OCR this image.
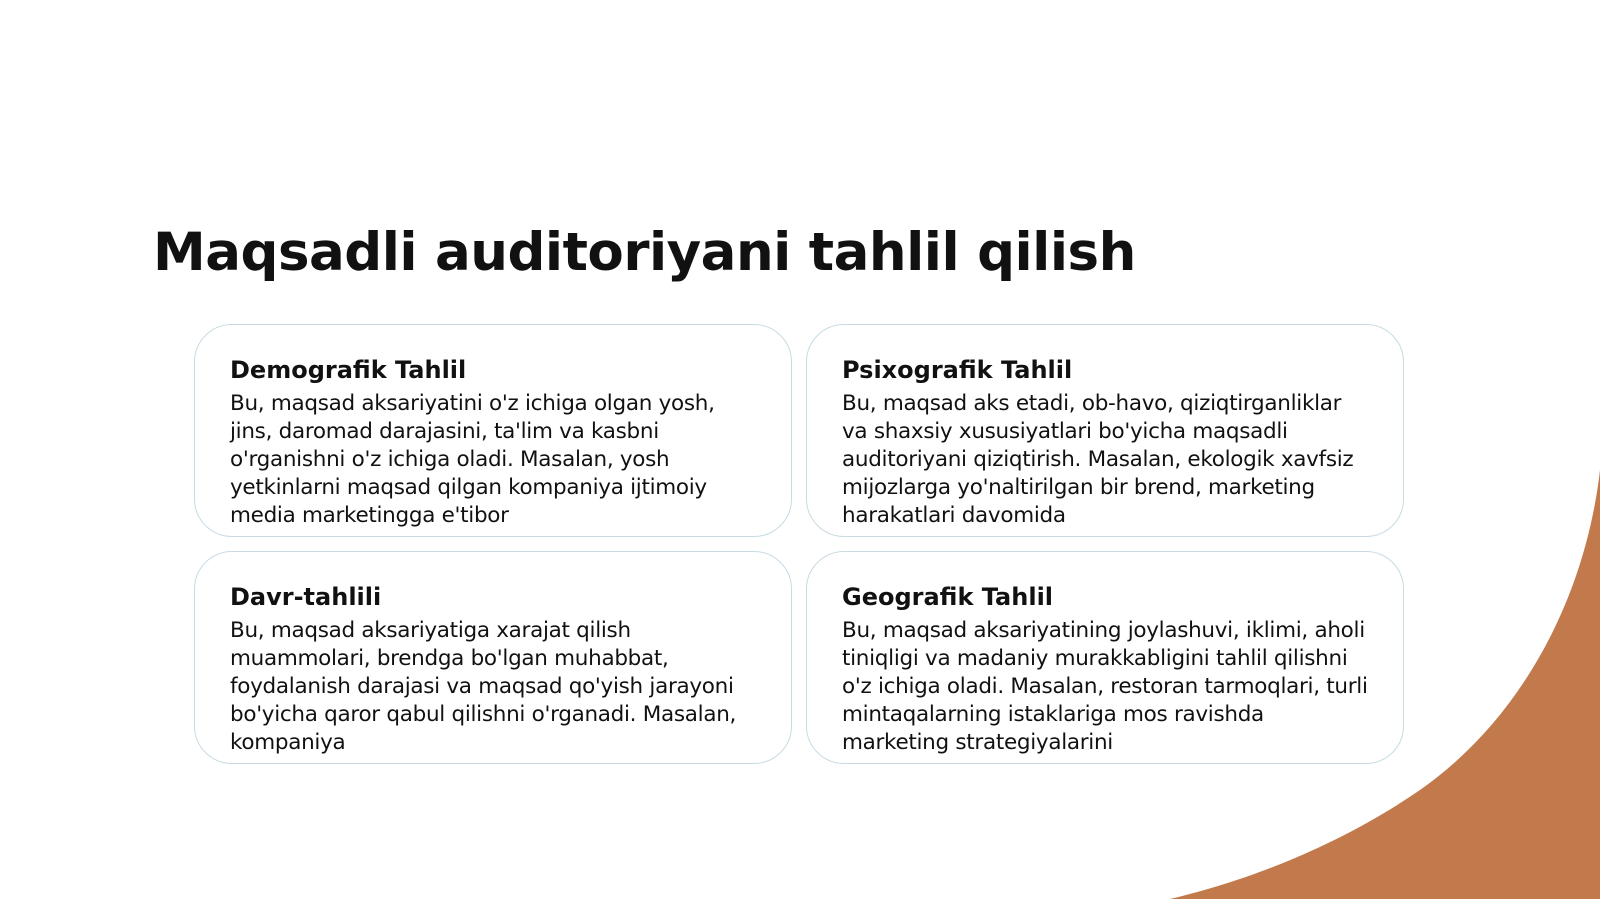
Maqsadli auditoriyani tahlil qilish
Demografik Tahlil

Bu, maqsad aksariyatini o'z ichiga olgan yosh, jins, daromad darajasini, ta'lim va kasbni o'rganishni o'z ichiga oladi. Masalan, yosh yetkinlarni maqsad qilgan kompaniya ijtimoiy media marketingga e'tibor

Psixografik Tahlil

Bu, maqsad aks etadi, ob-havo, qiziqtirganliklar va shaxsiy xususiyatlari bo'yicha maqsadli auditoriyani qiziqtirish. Masalan, ekologik xavfsiz mijozlarga yo'naltirilgan bir brend, marketing harakatlari davomida

Davr-tahlili

Bu, maqsad aksariyatiga xarajat qilish muammolari, brendga bo'lgan muhabbat, foydalanish darajasi va maqsad qo'yish jarayoni bo'yicha qaror qabul qilishni o'rganadi. Masalan, kompaniya

Geografik Tahlil

Bu, maqsad aksariyatining joylashuvi, iklimi, aholi tiniqligi va madaniy murakkabligini tahlil qilishni o'z ichiga oladi. Masalan, restoran tarmoqlari, turli mintaqalarning istaklariga mos ravishda marketing strategiyalarini
